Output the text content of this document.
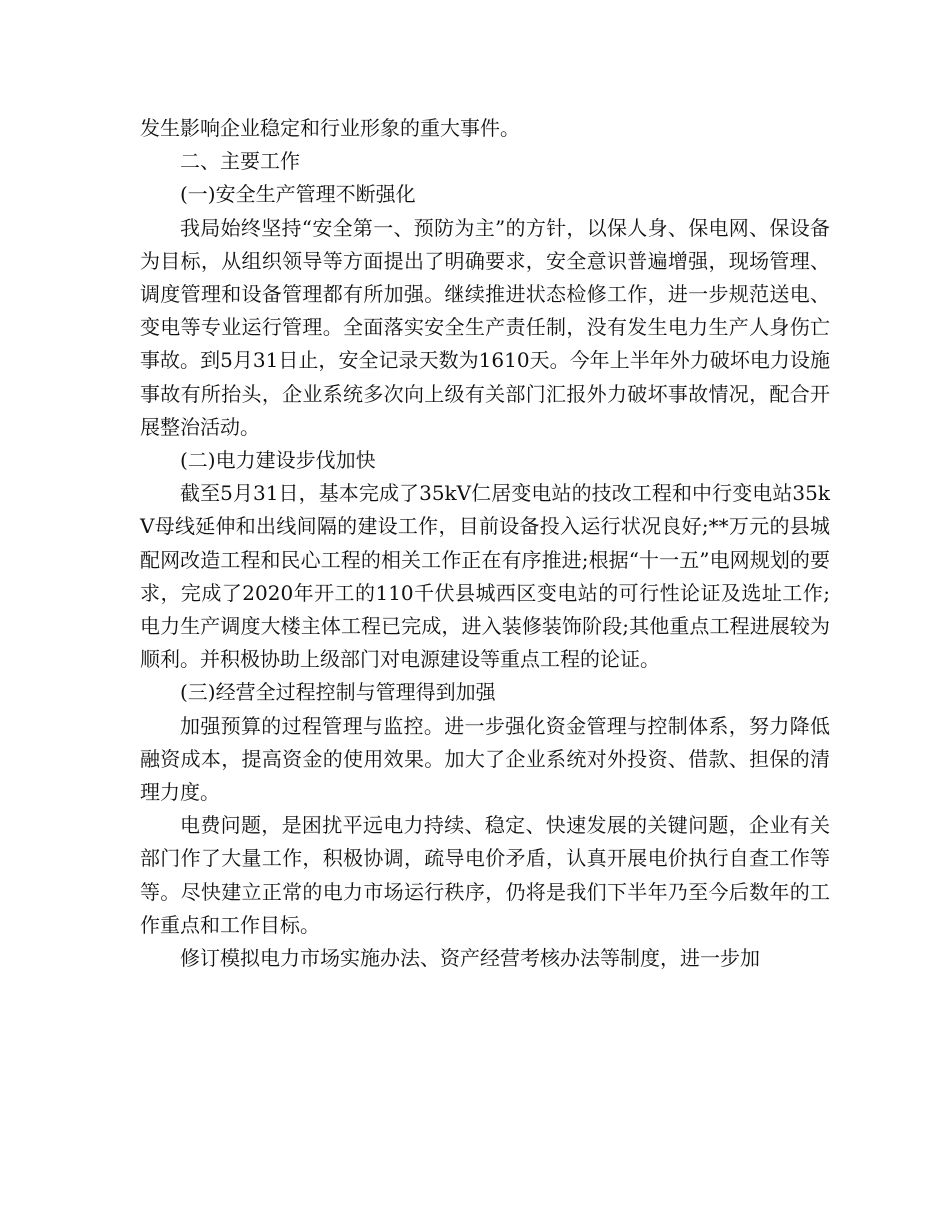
发生影响企业稳定和行业形象的重大事件。

二、主要工作

(一)安全生产管理不断强化

我局始终坚持“安全第一、预防为主”的方针，以保人身、保电网、保设备为目标，从组织领导等方面提出了明确要求，安全意识普遍增强，现场管理、调度管理和设备管理都有所加强。继续推进状态检修工作，进一步规范送电、变电等专业运行管理。全面落实安全生产责任制，没有发生电力生产人身伤亡事故。到5月31日止，安全记录天数为1610天。今年上半年外力破坏电力设施事故有所抬头，企业系统多次向上级有关部门汇报外力破坏事故情况，配合开展整治活动。

(二)电力建设步伐加快

截至5月31日，基本完成了35kV仁居变电站的技改工程和中行变电站35kV母线延伸和出线间隔的建设工作，目前设备投入运行状况良好;**万元的县城配网改造工程和民心工程的相关工作正在有序推进;根据“十一五”电网规划的要求，完成了2020年开工的110千伏县城西区变电站的可行性论证及选址工作;电力生产调度大楼主体工程已完成，进入装修装饰阶段;其他重点工程进展较为顺利。并积极协助上级部门对电源建设等重点工程的论证。

(三)经营全过程控制与管理得到加强

加强预算的过程管理与监控。进一步强化资金管理与控制体系，努力降低融资成本，提高资金的使用效果。加大了企业系统对外投资、借款、担保的清理力度。

电费问题，是困扰平远电力持续、稳定、快速发展的关键问题，企业有关部门作了大量工作，积极协调，疏导电价矛盾，认真开展电价执行自查工作等等。尽快建立正常的电力市场运行秩序，仍将是我们下半年乃至今后数年的工作重点和工作目标。

修订模拟电力市场实施办法、资产经营考核办法等制度，进一步加
